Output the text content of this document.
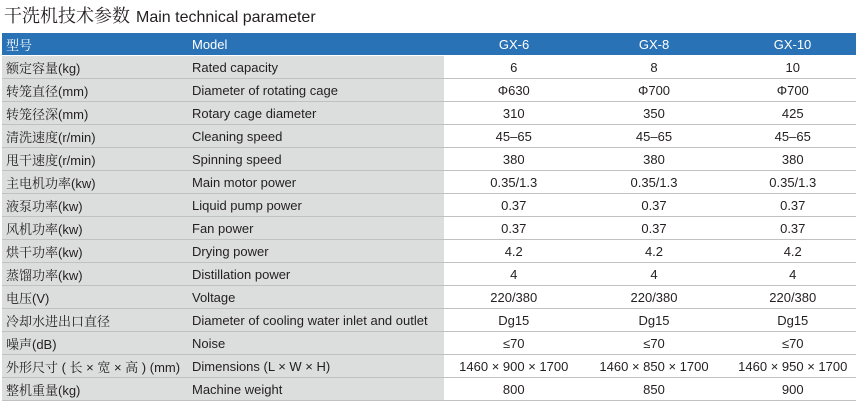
干洗机技术参数 Main technical parameter
型号	Model	GX-6	GX-8	GX-10
额定容量(kg)	Rated capacity	6	8	10
转笼直径(mm)	Diameter of rotating cage	Φ630	Φ700	Φ700
转笼径深(mm)	Rotary cage diameter	310	350	425
清洗速度(r/min)	Cleaning speed	45–65	45–65	45–65
甩干速度(r/min)	Spinning speed	380	380	380
主电机功率(kw)	Main motor power	0.35/1.3	0.35/1.3	0.35/1.3
液泵功率(kw)	Liquid pump power	0.37	0.37	0.37
风机功率(kw)	Fan power	0.37	0.37	0.37
烘干功率(kw)	Drying power	4.2	4.2	4.2
蒸馏功率(kw)	Distillation power	4	4	4
电压(V)	Voltage	220/380	220/380	220/380
冷却水进出口直径	Diameter of cooling water inlet and outlet	Dg15	Dg15	Dg15
噪声(dB)	Noise	≤70	≤70	≤70
外形尺寸 ( 长 × 宽 × 高 ) (mm)	Dimensions (L × W × H)	1460 × 900 × 1700	1460 × 850 × 1700	1460 × 950 × 1700
整机重量(kg)	Machine weight	800	850	900
